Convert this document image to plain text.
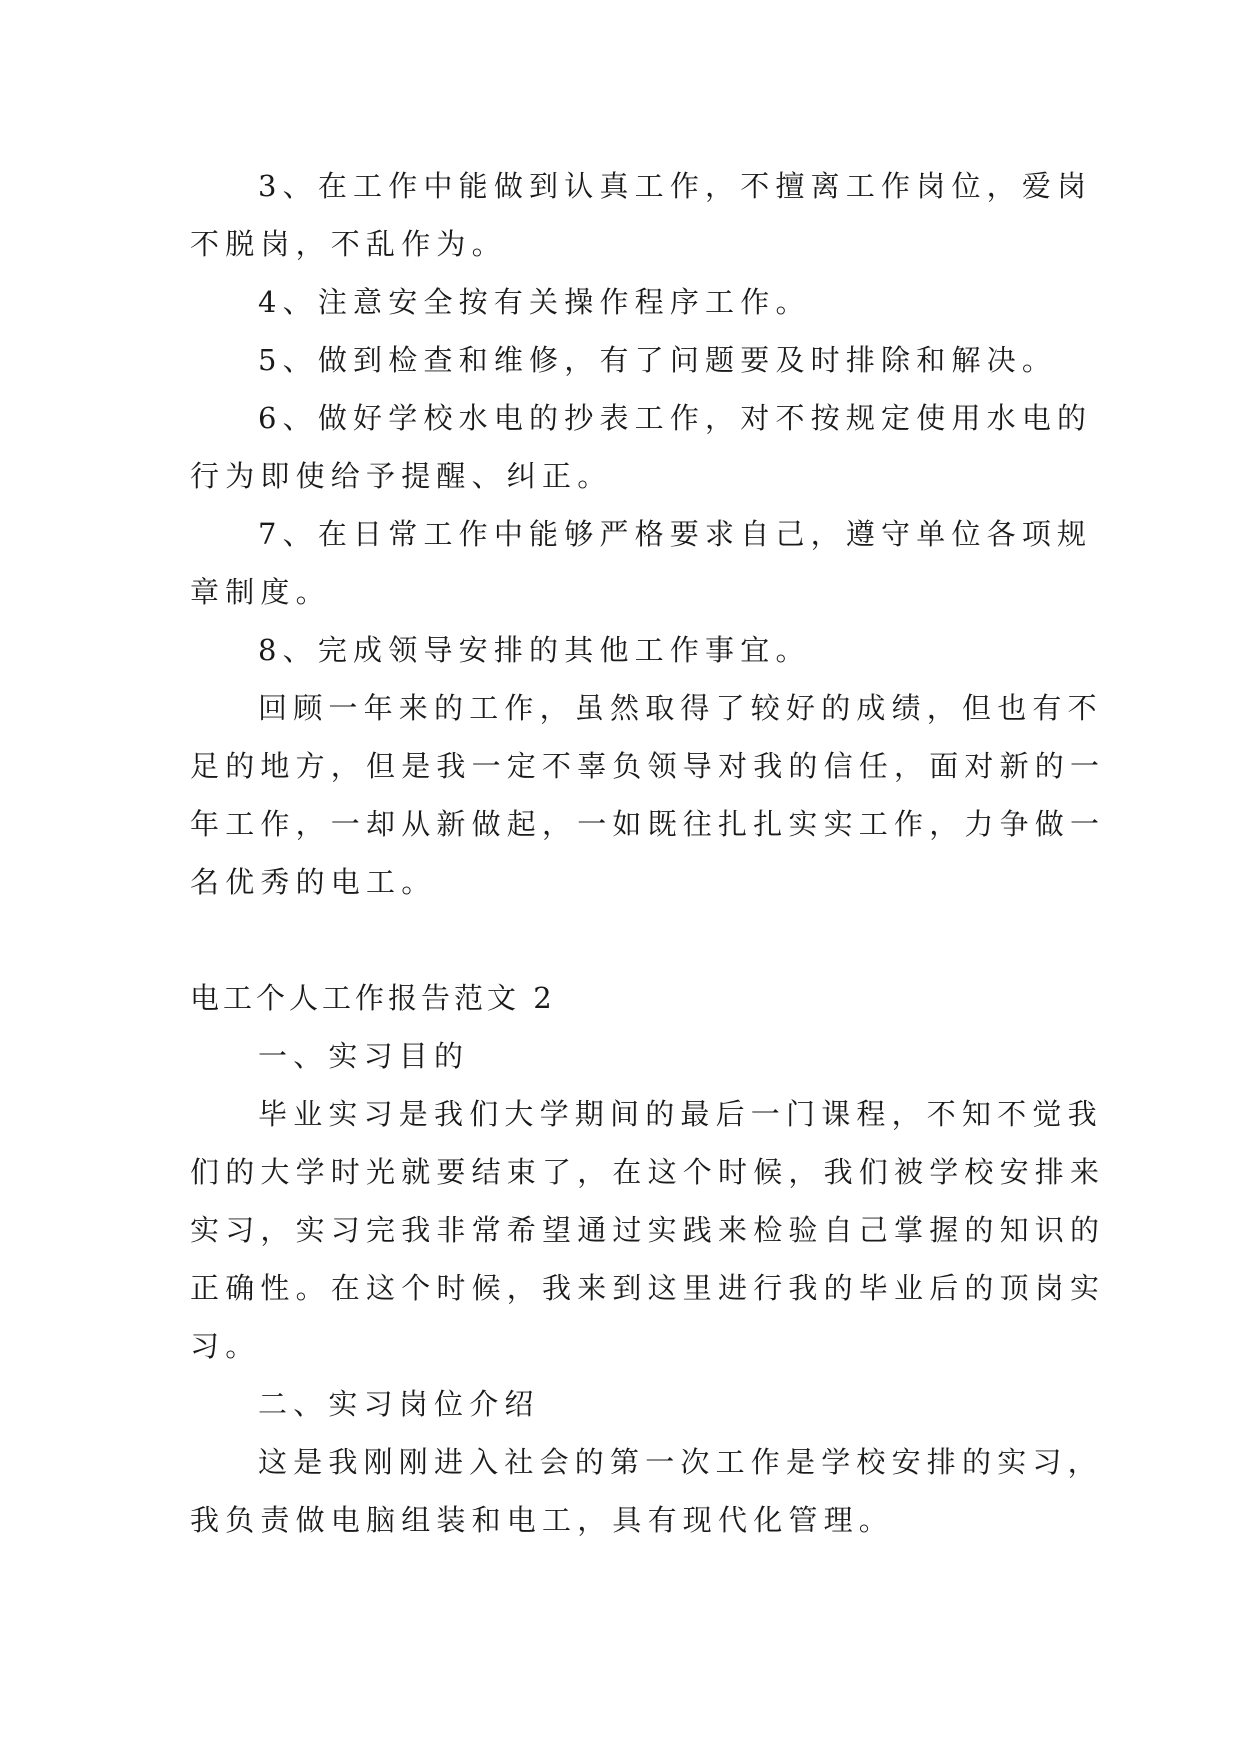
3、在工作中能做到认真工作，不擅离工作岗位，爱岗
不脱岗，不乱作为。
4、注意安全按有关操作程序工作。
5、做到检查和维修，有了问题要及时排除和解决。
6、做好学校水电的抄表工作，对不按规定使用水电的
行为即使给予提醒、纠正。
7、在日常工作中能够严格要求自己，遵守单位各项规
章制度。
8、完成领导安排的其他工作事宜。
回顾一年来的工作，虽然取得了较好的成绩，但也有不
足的地方，但是我一定不辜负领导对我的信任，面对新的一
年工作，一却从新做起，一如既往扎扎实实工作，力争做一
名优秀的电工。
电工个人工作报告范文 2
一、实习目的
毕业实习是我们大学期间的最后一门课程，不知不觉我
们的大学时光就要结束了，在这个时候，我们被学校安排来
实习，实习完我非常希望通过实践来检验自己掌握的知识的
正确性。在这个时候，我来到这里进行我的毕业后的顶岗实
习。
二、实习岗位介绍
这是我刚刚进入社会的第一次工作是学校安排的实习，
我负责做电脑组装和电工，具有现代化管理。
